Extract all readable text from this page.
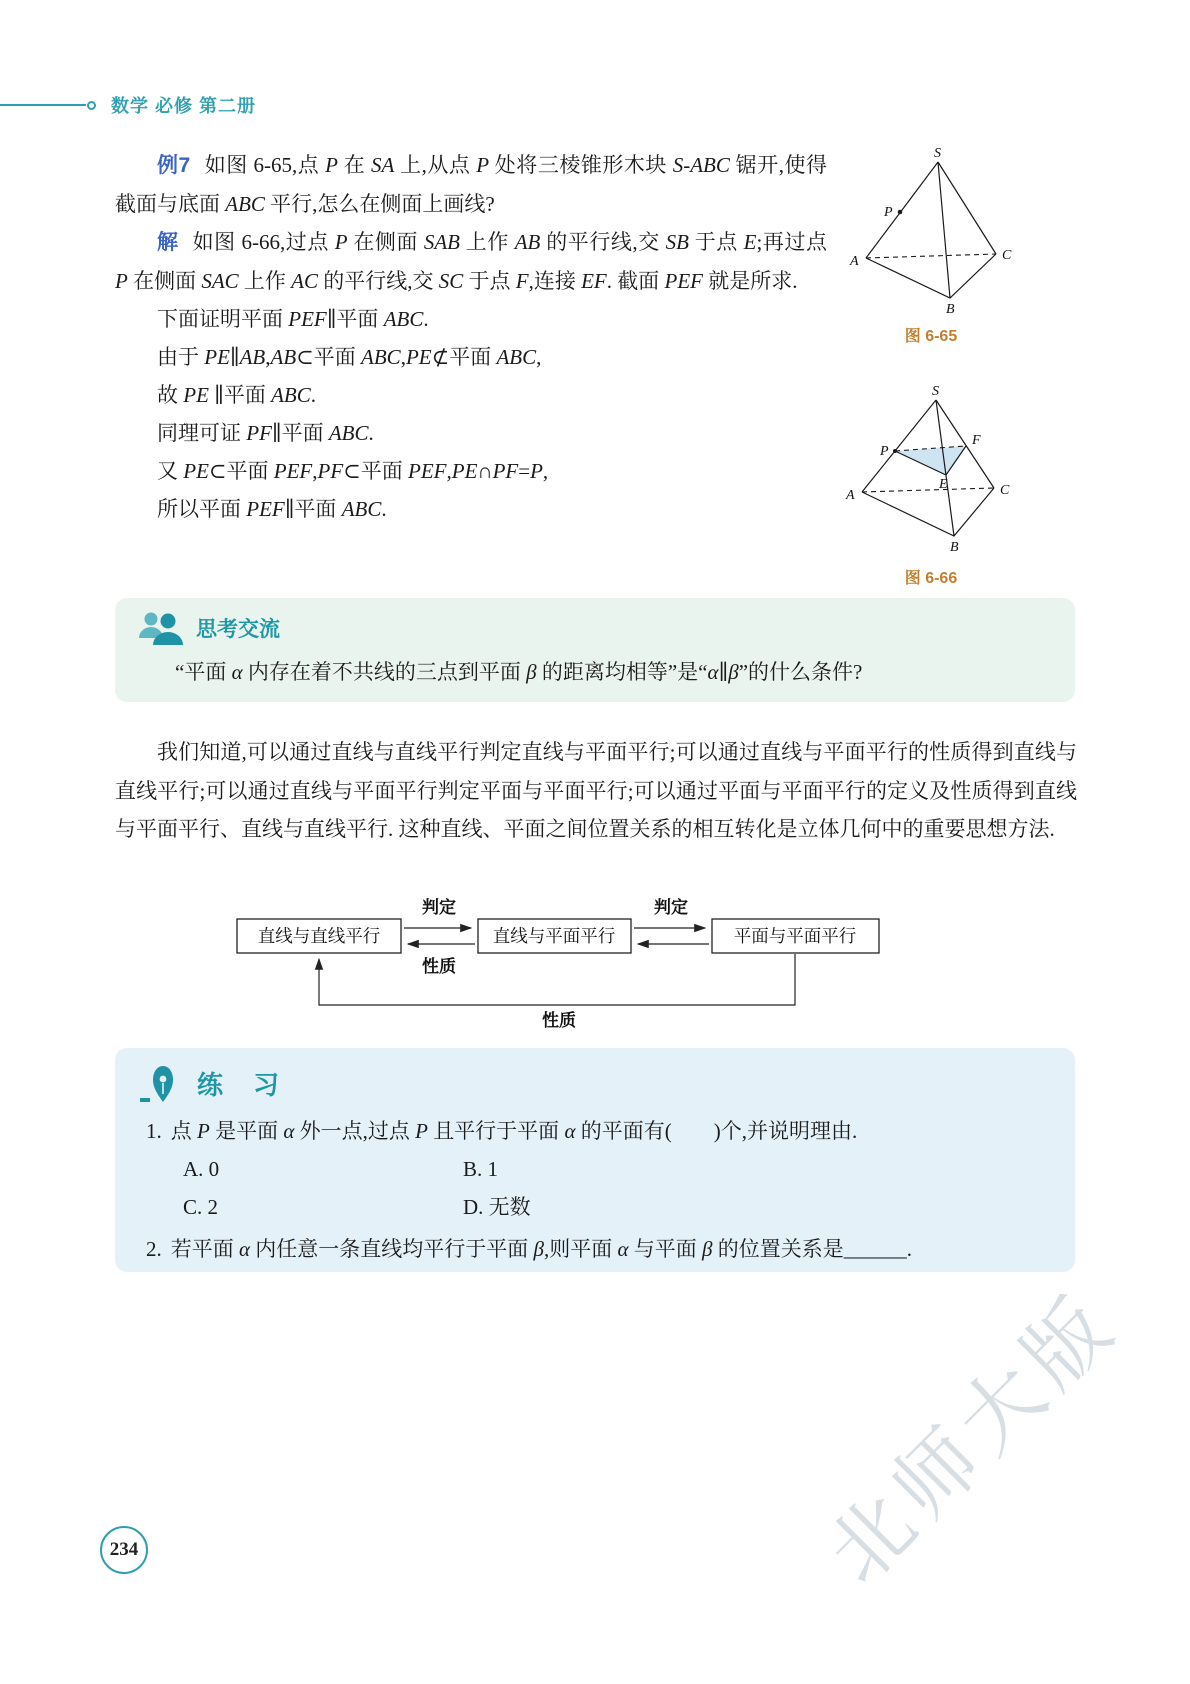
数学 必修 第二册

例7 如图 6-65,点 P 在 SA 上,从点 P 处将三棱锥形木块 S-ABC 锯开,使得截面与底面 ABC 平行,怎么在侧面上画线?

解 如图 6-66,过点 P 在侧面 SAB 上作 AB 的平行线,交 SB 于点 E;再过点 P 在侧面 SAC 上作 AC 的平行线,交 SC 于点 F,连接 EF. 截面 PEF 就是所求.

下面证明平面 PEF∥平面 ABC.

由于 PE∥AB,AB⊂平面 ABC,PE⊄平面 ABC,

故 PE ∥平面 ABC.

同理可证 PF∥平面 ABC.

又 PE⊂平面 PEF,PF⊂平面 PEF,PE∩PF=P,

所以平面 PEF∥平面 ABC.

S
P
A
B
C
图 6-65
S
P
F
A
E	C
B
图 6-66
思考交流

“平面 α 内存在着不共线的三点到平面 β 的距离均相等”是“α∥β”的什么条件?

我们知道,可以通过直线与直线平行判定直线与平面平行;可以通过直线与平面平行的性质得到直线与直线平行;可以通过直线与平面平行判定平面与平面平行;可以通过平面与平面平行的定义及性质得到直线与平面平行、直线与直线平行. 这种直线、平面之间位置关系的相互转化是立体几何中的重要思想方法.

直线与直线平行	直线与平面平行	平面与平面平行
判定
性质
判定
性质
练　习
1. 点 P 是平面 α 外一点,过点 P 且平行于平面 α 的平面有(　　)个,并说明理由.
A. 0	B. 1
C. 2	D. 无数
2. 若平面 α 内任意一条直线均平行于平面 β,则平面 α 与平面 β 的位置关系是______.
234	北师大版
